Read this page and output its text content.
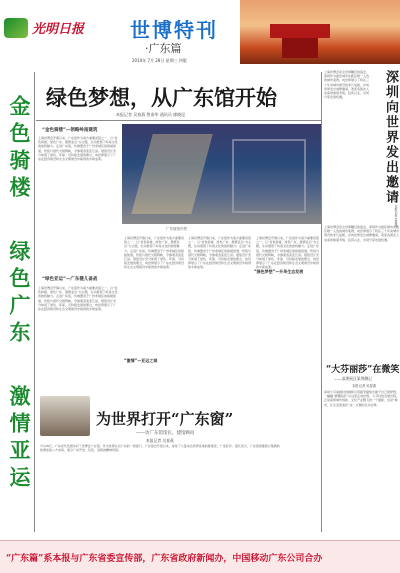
光明日报 世博特刊
·广东篇
2010年 7月 28日 星期三 四版
金色骑楼
绿色广东
激情亚运
绿色梦想，从广东馆开始
本报记者 吴春燕 殷泰华 通讯员 廖晓昆
“金色骑楼”—领略岭南建筑
上海世博会开幕以来，广东馆作为南方重要省馆之一，以“金色骑楼、绿色广东、激情亚运”为主题，生动展现了岭南文化的独特魅力。走进广东馆，仿佛置身于广州老城区的骑楼街道，传统与现代交相辉映，令参观者流连忘返。展馆设计充分体现了绿色、环保、可持续发展的理念，向世界展示了广东在经济建设和生态文明建设中取得的丰硕成果。
“绿色亚运”—广东健儿备战
上海世博会开幕以来，广东馆作为南方重要省馆之一，以“金色骑楼、绿色广东、激情亚运”为主题，生动展现了岭南文化的独特魅力。走进广东馆，仿佛置身于广州老城区的骑楼街道，传统与现代交相辉映，令参观者流连忘返。展馆设计充分体现了绿色、环保、可持续发展的理念，向世界展示了广东在经济建设和生态文明建设中取得的丰硕成果。
广东展馆内景
上海世博会开幕以来，广东馆作为南方重要省馆之一，以“金色骑楼、绿色广东、激情亚运”为主题，生动展现了岭南文化的独特魅力。走进广东馆，仿佛置身于广州老城区的骑楼街道，传统与现代交相辉映，令参观者流连忘返。展馆设计充分体现了绿色、环保、可持续发展的理念，向世界展示了广东在经济建设和生态文明建设中取得的丰硕成果。
“激情”—亚运之城
上海世博会开幕以来，广东馆作为南方重要省馆之一，以“金色骑楼、绿色广东、激情亚运”为主题，生动展现了岭南文化的独特魅力。走进广东馆，仿佛置身于广州老城区的骑楼街道，传统与现代交相辉映，令参观者流连忘返。展馆设计充分体现了绿色、环保、可持续发展的理念，向世界展示了广东在经济建设和生态文明建设中取得的丰硕成果。
“绿色梦想”—升华生态发展
上海世博会开幕以来，广东馆作为南方重要省馆之一，以“金色骑楼、绿色广东、激情亚运”为主题，生动展现了岭南文化的独特魅力。走进广东馆，仿佛置身于广州老城区的骑楼街道，传统与现代交相辉映，令参观者流连忘返。展馆设计充分体现了绿色、环保、可持续发展的理念，向世界展示了广东在经济建设和生态文明建设中取得的丰硕成果。
为世界打开“广东窗”
——访广东馆馆长、建馆顾问
本报记者 吴春燕
7月28日，广东省代表团访问了世博会广东馆。作为世界认识广东的一扇窗口，广东馆自开馆以来，接待了大量来自世界各地的参观者，广受好评。馆长表示，广东馆将继续以饱满的热情迎接八方来客，展示广东开放、包容、进取的精神风貌。
深圳向世界发出邀请
上海世博会是全世界瞩目的盛会，深圳作为最佳城市实践区唯一入选的城市案例，向世界展示了特区三十年来城市建设的非凡成就，并向世界发出诚挚邀请，欢迎各国友人来深圳参观考察、投资兴业，共同分享发展机遇。
本报记者 吴春燕
上海世博会是全世界瞩目的盛会，深圳作为最佳城市实践区唯一入选的城市案例，向世界展示了特区三十年来城市建设的非凡成就，并向世界发出诚挚邀请，欢迎各国友人来深圳参观考察、投资兴业，共同分享发展机遇。
“大芬丽莎”在微笑
——深圳展区案例侧记
本报记者 吴春燕
深圳大芬油画村的画师们用画笔描绘出属于自己的梦想，一幅幅“蒙娜丽莎”从这里走向世界。大芬村的发展历程，正是深圳城市创新、文化产业腾飞的一个缩影，也是“城市，让生活更美好”这一主题的生动诠释。
“广东篇”系本报与广东省委宣传部，广东省政府新闻办，中国移动广东公司合办
